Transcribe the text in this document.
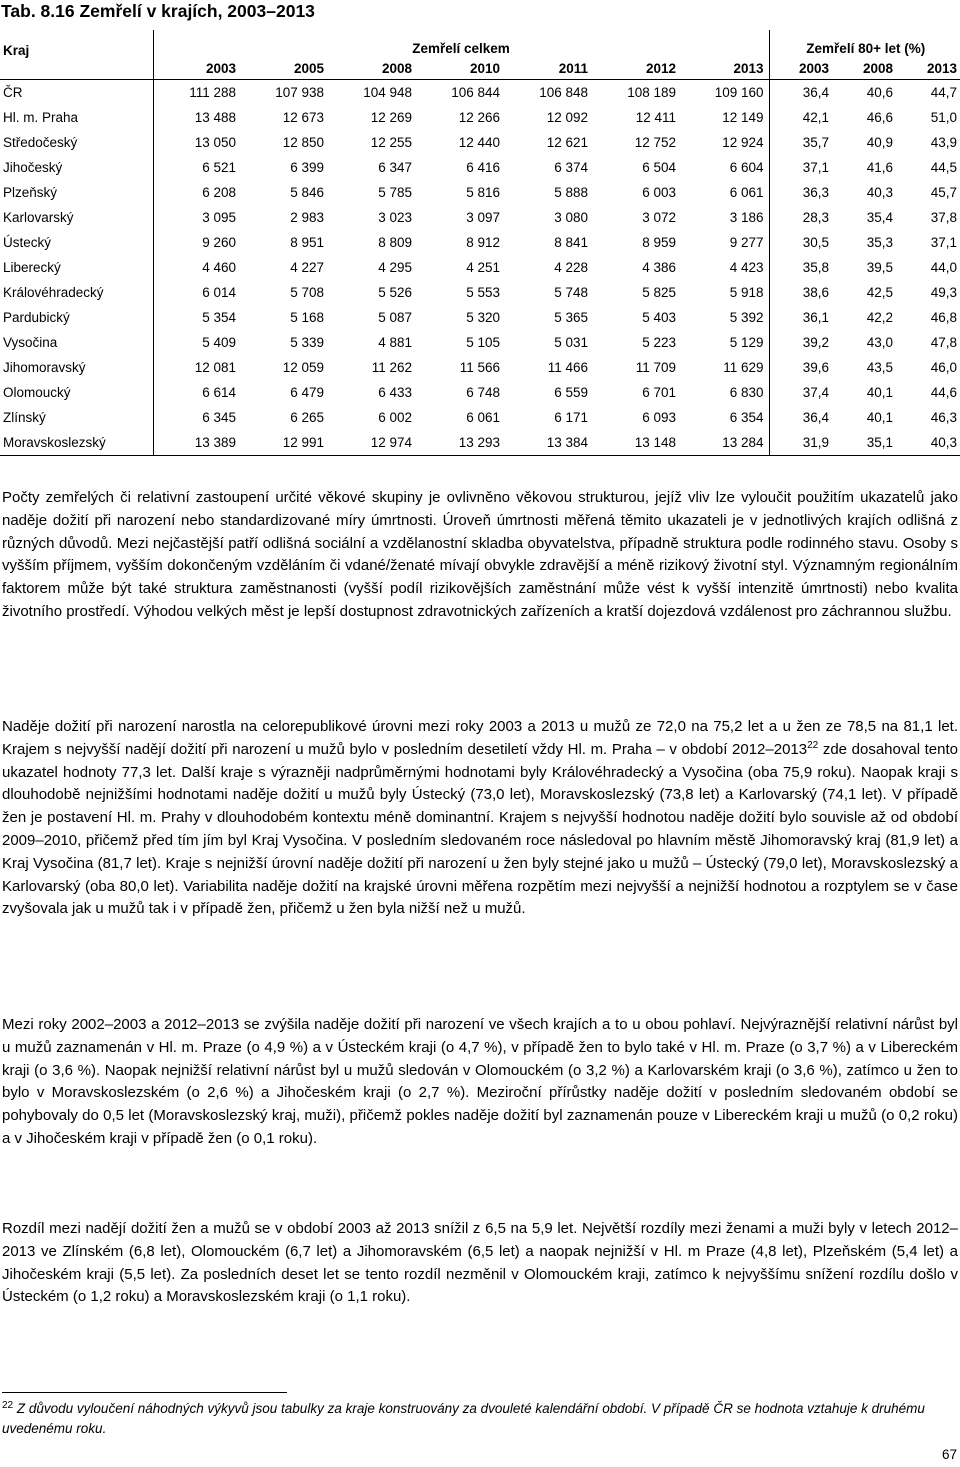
Tab. 8.16 Zemřelí v krajích, 2003–2013
Kraj	Zemřelí celkem							Zemřelí 80+ let (%)		
	2003	2005	2008	2010	2011	2012	2013	2003	2008	2013
ČR	111 288	107 938	104 948	106 844	106 848	108 189	109 160	36,4	40,6	44,7
Hl. m. Praha	13 488	12 673	12 269	12 266	12 092	12 411	12 149	42,1	46,6	51,0
Středočeský	13 050	12 850	12 255	12 440	12 621	12 752	12 924	35,7	40,9	43,9
Jihočeský	6 521	6 399	6 347	6 416	6 374	6 504	6 604	37,1	41,6	44,5
Plzeňský	6 208	5 846	5 785	5 816	5 888	6 003	6 061	36,3	40,3	45,7
Karlovarský	3 095	2 983	3 023	3 097	3 080	3 072	3 186	28,3	35,4	37,8
Ústecký	9 260	8 951	8 809	8 912	8 841	8 959	9 277	30,5	35,3	37,1
Liberecký	4 460	4 227	4 295	4 251	4 228	4 386	4 423	35,8	39,5	44,0
Královéhradecký	6 014	5 708	5 526	5 553	5 748	5 825	5 918	38,6	42,5	49,3
Pardubický	5 354	5 168	5 087	5 320	5 365	5 403	5 392	36,1	42,2	46,8
Vysočina	5 409	5 339	4 881	5 105	5 031	5 223	5 129	39,2	43,0	47,8
Jihomoravský	12 081	12 059	11 262	11 566	11 466	11 709	11 629	39,6	43,5	46,0
Olomoucký	6 614	6 479	6 433	6 748	6 559	6 701	6 830	37,4	40,1	44,6
Zlínský	6 345	6 265	6 002	6 061	6 171	6 093	6 354	36,4	40,1	46,3
Moravskoslezský	13 389	12 991	12 974	13 293	13 384	13 148	13 284	31,9	35,1	40,3

Počty zemřelých či relativní zastoupení určité věkové skupiny je ovlivněno věkovou strukturou, jejíž vliv lze vyloučit použitím ukazatelů jako naděje dožití při narození nebo standardizované míry úmrtnosti. Úroveň úmrtnosti měřená těmito ukazateli je v jednotlivých krajích odlišná z různých důvodů. Mezi nejčastější patří odlišná sociální a vzdělanostní skladba obyvatelstva, případně struktura podle rodinného stavu. Osoby s vyšším příjmem, vyšším dokončeným vzděláním či vdané/ženaté mívají obvykle zdravější a méně rizikový životní styl. Významným regionálním faktorem může být také struktura zaměstnanosti (vyšší podíl rizikovějších zaměstnání může vést k vyšší intenzitě úmrtnosti) nebo kvalita životního prostředí. Výhodou velkých měst je lepší dostupnost zdravotnických zařízeních a kratší dojezdová vzdálenost pro záchrannou službu.

Naděje dožití při narození narostla na celorepublikové úrovni mezi roky 2003 a 2013 u mužů ze 72,0 na 75,2 let a u žen ze 78,5 na 81,1 let. Krajem s nejvyšší nadějí dožití při narození u mužů bylo v posledním desetiletí vždy Hl. m. Praha – v období 2012–2013$^{22}$ zde dosahoval tento ukazatel hodnoty 77,3 let. Další kraje s výrazněji nadprůměrnými hodnotami byly Královéhradecký a Vysočina (oba 75,9 roku). Naopak kraji s dlouhodobě nejnižšími hodnotami naděje dožití u mužů byly Ústecký (73,0 let), Moravskoslezský (73,8 let) a Karlovarský (74,1 let). V případě žen je postavení Hl. m. Prahy v dlouhodobém kontextu méně dominantní. Krajem s nejvyšší hodnotou naděje dožití bylo souvisle až od období 2009–2010, přičemž před tím jím byl Kraj Vysočina. V posledním sledovaném roce následoval po hlavním městě Jihomoravský kraj (81,9 let) a Kraj Vysočina (81,7 let). Kraje s nejnižší úrovní naděje dožití při narození u žen byly stejné jako u mužů – Ústecký (79,0 let), Moravskoslezský a Karlovarský (oba 80,0 let). Variabilita naděje dožití na krajské úrovni měřena rozpětím mezi nejvyšší a nejnižší hodnotou a rozptylem se v čase zvyšovala jak u mužů tak i v případě žen, přičemž u žen byla nižší než u mužů.

Mezi roky 2002–2003 a 2012–2013 se zvýšila naděje dožití při narození ve všech krajích a to u obou pohlaví. Nejvýraznější relativní nárůst byl u mužů zaznamenán v Hl. m. Praze (o 4,9 %) a v Ústeckém kraji (o 4,7 %), v případě žen to bylo také v Hl. m. Praze (o 3,7 %) a v Libereckém kraji (o 3,6 %). Naopak nejnižší relativní nárůst byl u mužů sledován v Olomouckém (o 3,2 %) a Karlovarském kraji (o 3,6 %), zatímco u žen to bylo v Moravskoslezském (o 2,6 %) a Jihočeském kraji (o 2,7 %). Meziroční přírůstky naděje dožití v posledním sledovaném období se pohybovaly do 0,5 let (Moravskoslezský kraj, muži), přičemž pokles naděje dožití byl zaznamenán pouze v Libereckém kraji u mužů (o 0,2 roku) a v Jihočeském kraji v případě žen (o 0,1 roku).

Rozdíl mezi nadějí dožití žen a mužů se v období 2003 až 2013 snížil z 6,5 na 5,9 let. Největší rozdíly mezi ženami a muži byly v letech 2012–2013 ve Zlínském (6,8 let), Olomouckém (6,7 let) a Jihomoravském (6,5 let) a naopak nejnižší v Hl. m Praze (4,8 let), Plzeňském (5,4 let) a Jihočeském kraji (5,5 let). Za posledních deset let se tento rozdíl nezměnil v Olomouckém kraji, zatímco k nejvyššímu snížení rozdílu došlo v Ústeckém (o 1,2 roku) a Moravskoslezském kraji (o 1,1 roku).

$^{22}$ Z důvodu vyloučení náhodných výkyvů jsou tabulky za kraje konstruovány za dvouleté kalendářní období. V případě ČR se hodnota vztahuje k druhému uvedenému roku.
67
